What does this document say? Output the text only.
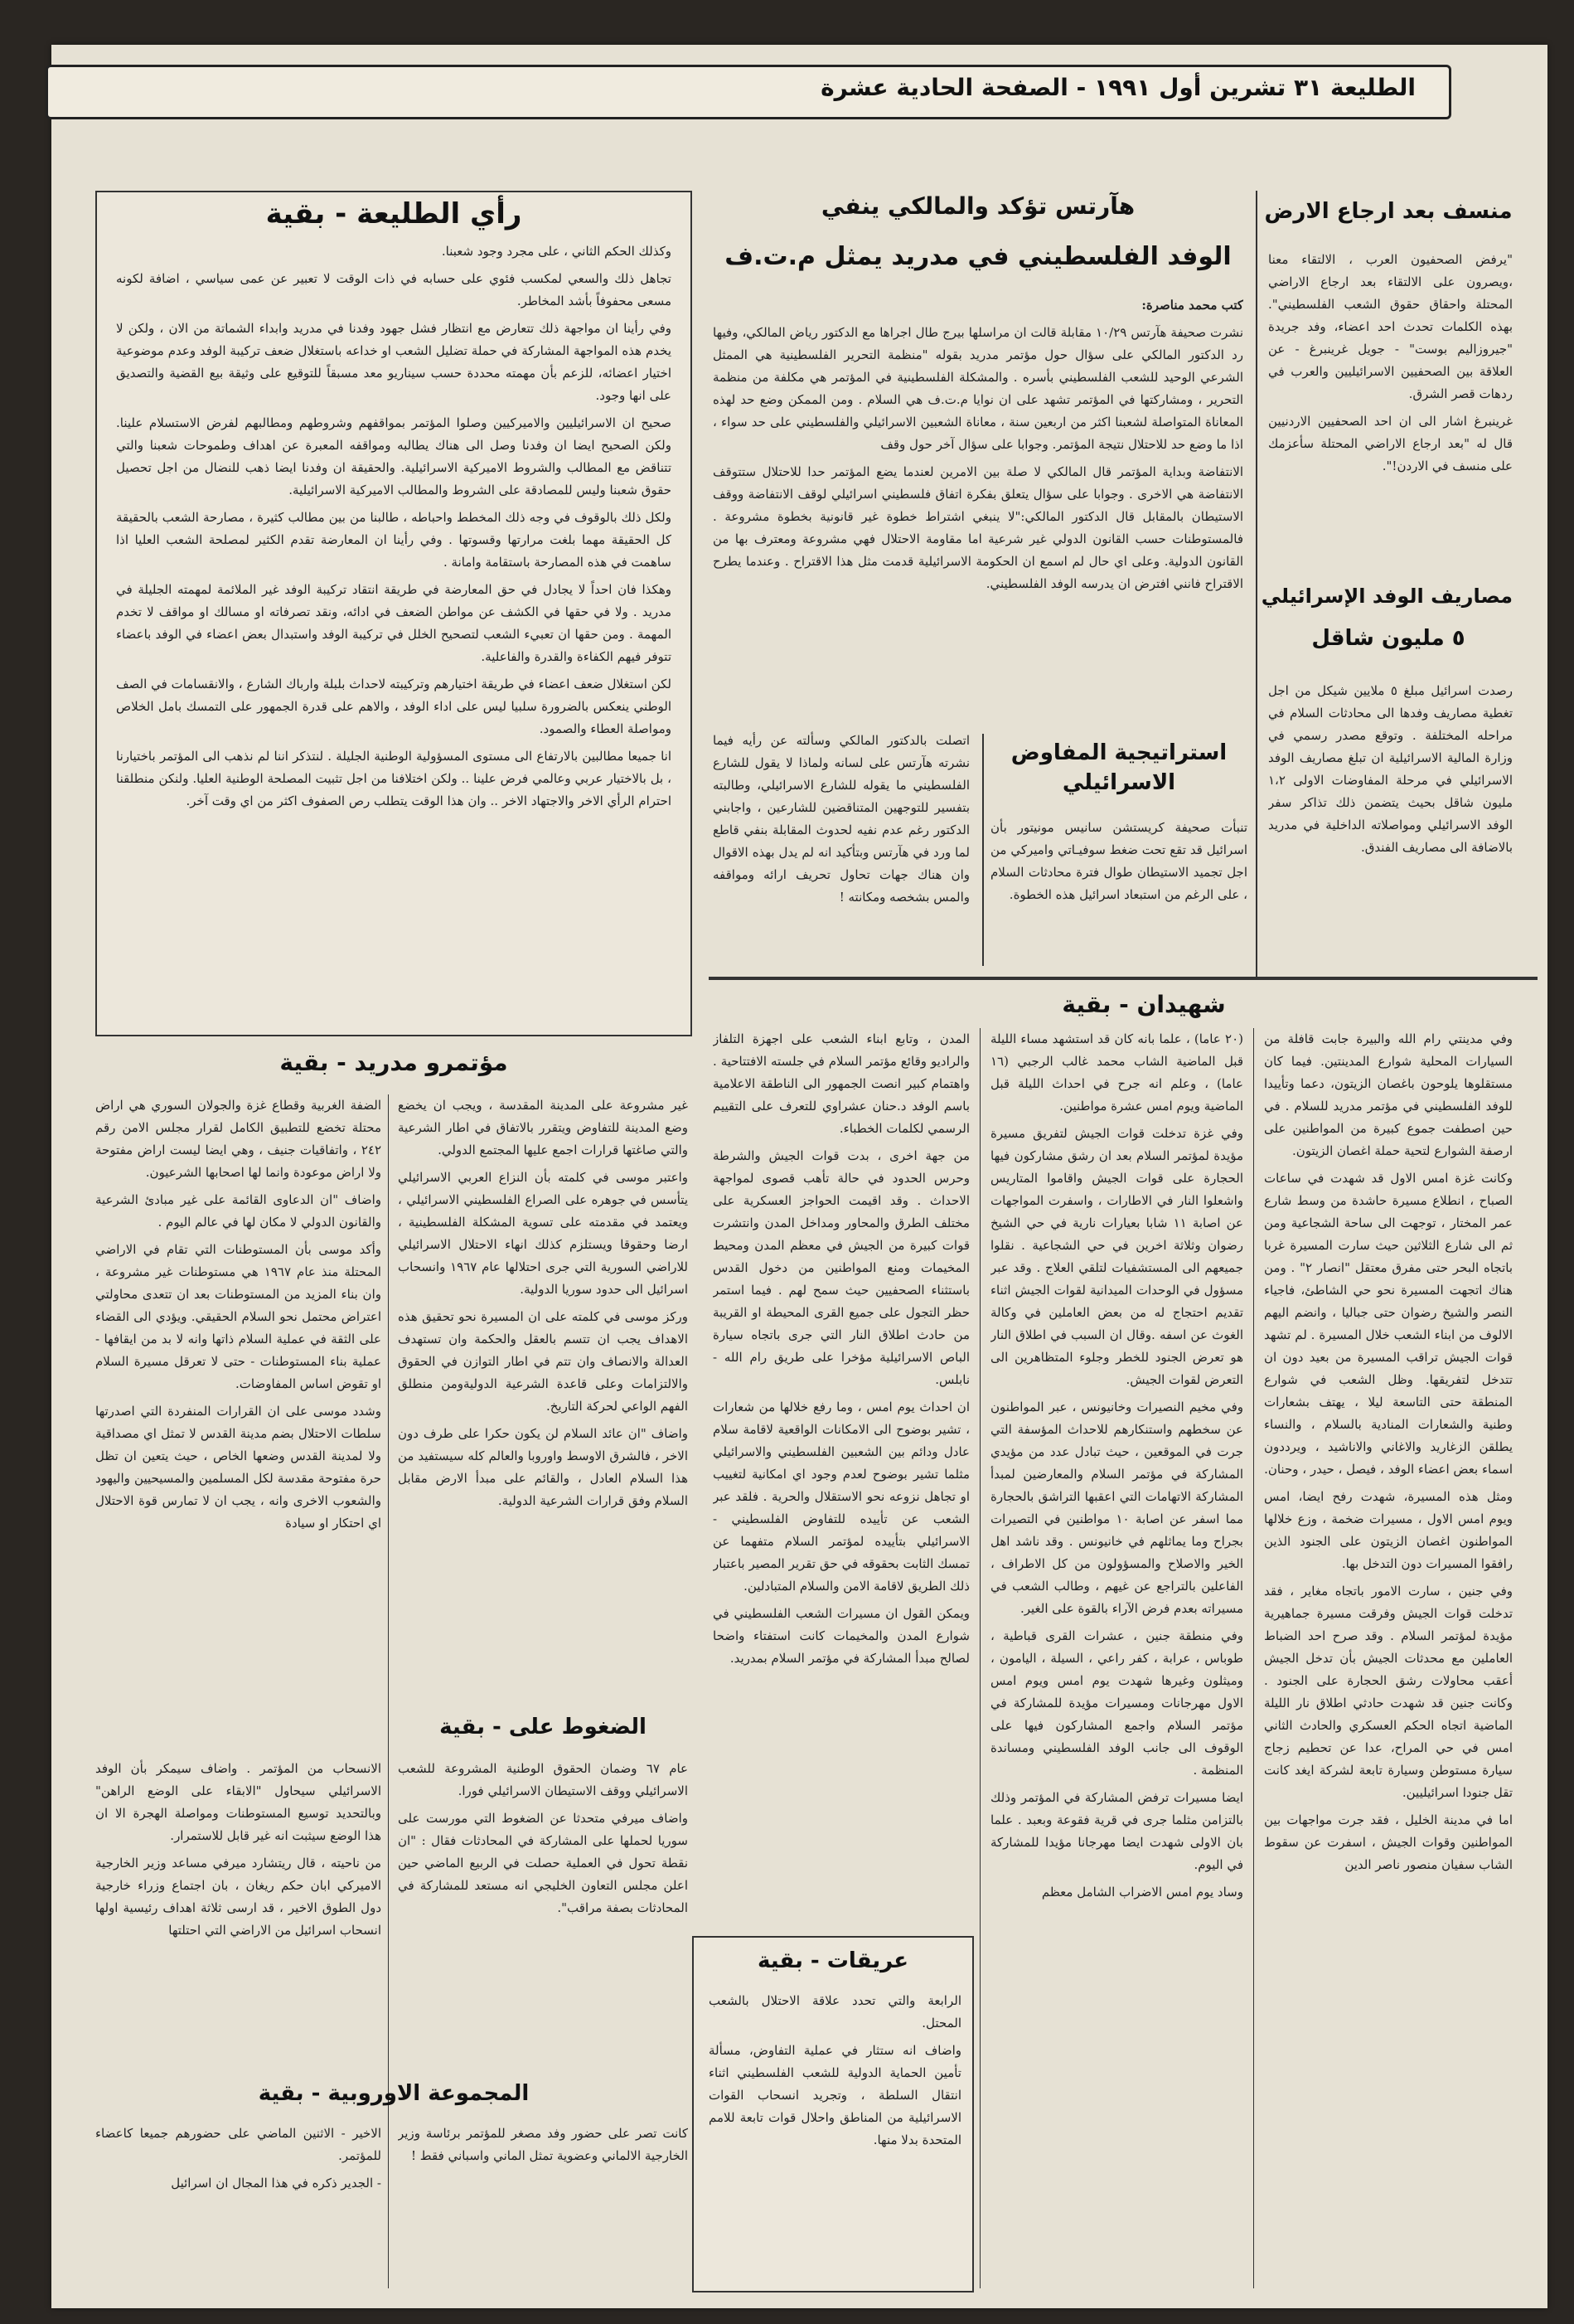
الطليعة ٣١ تشرين أول ١٩٩١ - الصفحة الحادية عشرة
رأي الطليعة - بقية

وكذلك الحكم الثاني ، على مجرد وجود شعبنا.

تجاهل ذلك والسعي لمكسب فئوي على حسابه في ذات الوقت لا تعبير عن عمى سياسي ، اضافة لكونه مسعى محفوفاً بأشد المخاطر.

وفي رأينا ان مواجهة ذلك تتعارض مع انتظار فشل جهود وفدنا في مدريد وابداء الشماتة من الان ، ولكن لا يخدم هذه المواجهة المشاركة في حملة تضليل الشعب او خداعه باستغلال ضعف تركيبة الوفد وعدم موضوعية اختيار اعضائه، للزعم بأن مهمته محددة حسب سيناريو معد مسبقاً للتوقيع على وثيقة بيع القضية والتصديق على انها وجود.

صحيح ان الاسرائيليين والاميركيين وصلوا المؤتمر بمواقفهم وشروطهم ومطالبهم لفرض الاستسلام علينا. ولكن الصحيح ايضا ان وفدنا وصل الى هناك يطالبه ومواقفه المعبرة عن اهداف وطموحات شعبنا والتي تتناقض مع المطالب والشروط الاميركية الاسرائيلية. والحقيقة ان وفدنا ايضا ذهب للنضال من اجل تحصيل حقوق شعبنا وليس للمصادقة على الشروط والمطالب الاميركية الاسرائيلية.

ولكل ذلك بالوقوف في وجه ذلك المخطط واحباطه ، طالبنا من بين مطالب كثيرة ، مصارحة الشعب بالحقيقة كل الحقيقة مهما بلغت مرارتها وقسوتها . وفي رأينا ان المعارضة تقدم الكثير لمصلحة الشعب العليا اذا ساهمت في هذه المصارحة باستقامة وامانة .

وهكذا فان احداً لا يجادل في حق المعارضة في طريقة انتقاد تركيبة الوفد غير الملائمة لمهمته الجليلة في مدريد . ولا في حقها في الكشف عن مواطن الضعف في ادائه، ونقد تصرفاته او مسالك او مواقف لا تخدم المهمة . ومن حقها ان تعبيء الشعب لتصحيح الخلل في تركيبة الوفد واستبدال بعض اعضاء في الوفد باعضاء تتوفر فيهم الكفاءة والقدرة والفاعلية.

لكن استغلال ضعف اعضاء في طريقة اختيارهم وتركيبته لاحداث بلبلة وارباك الشارع ، والانقسامات في الصف الوطني ينعكس بالضرورة سلبيا ليس على اداء الوفد ، والاهم على قدرة الجمهور على التمسك بامل الخلاص ومواصلة العطاء والصمود.

انا جميعا مطالبين بالارتفاع الى مستوى المسؤولية الوطنية الجليلة . لنتذكر اننا لم نذهب الى المؤتمر باختيارنا ، بل بالاختيار عربي وعالمي فرض علينا .. ولكن اختلافنا من اجل تثبيت المصلحة الوطنية العليا. ولنكن منطلقنا احترام الرأي الاخر والاجتهاد الاخر .. وان هذا الوقت يتطلب رص الصفوف اكثر من اي وقت آخر.

هآرتس تؤكد والمالكي ينفي
الوفد الفلسطيني في مدريد يمثل م.ت.ف

كتب محمد مناصرة:

نشرت صحيفة هآرتس ١٠/٢٩ مقابلة قالت ان مراسلها بيرج طال اجراها مع الدكتور رياض المالكي، وفيها رد الدكتور المالكي على سؤال حول مؤتمر مدريد بقوله "منظمة التحرير الفلسطينية هي الممثل الشرعي الوحيد للشعب الفلسطيني بأسره . والمشكلة الفلسطينية في المؤتمر هي مكلفة من منظمة التحرير ، ومشاركتها في المؤتمر تشهد على ان نوايا م.ت.ف هي السلام . ومن الممكن وضع حد لهذه المعاناة المتواصلة لشعبنا اكثر من اربعين سنة ، معاناة الشعبين الاسرائيلي والفلسطيني على حد سواء ، اذا ما وضع حد للاحتلال نتيجة المؤتمر. وجوابا على سؤال آخر حول وقف

الانتفاضة وبداية المؤتمر قال المالكي لا صلة بين الامرين لعندما يضع المؤتمر حدا للاحتلال ستتوقف الانتفاضة هي الاخرى . وجوابا على سؤال يتعلق بفكرة اتفاق فلسطيني اسرائيلي لوقف الانتفاضة ووقف الاستيطان بالمقابل قال الدكتور المالكي:"لا ينبغي اشتراط خطوة غير قانونية بخطوة مشروعة . فالمستوطنات حسب القانون الدولي غير شرعية اما مقاومة الاحتلال فهي مشروعة ومعترف بها من القانون الدولية. وعلى اي حال لم اسمع ان الحكومة الاسرائيلية قدمت مثل هذا الاقتراح . وعندما يطرح الاقتراح فانني افترض ان يدرسه الوفد الفلسطيني.

اتصلت بالدكتور المالكي وسألته عن رأيه فيما نشرته هآرتس على لسانه ولماذا لا يقول للشارع الفلسطيني ما يقوله للشارع الاسرائيلي، وطالبته بتفسير للتوجهين المتناقضين للشارعين ، واجابني الدكتور رغم عدم نفيه لحدوث المقابلة بنفي قاطع لما ورد في هآرتس وبتأكيد انه لم يدل بهذه الاقوال وان هناك جهات تحاول تحريف ارائه ومواقفه والمس بشخصه ومكانته !

استراتيجية المفاوض الاسرائيلي

تنبأت صحيفة كريستشن سانيس مونيتور بأن اسرائيل قد تقع تحت ضغط سوفيـاتي واميركي من اجل تجميد الاستيطان طوال فترة محادثات السلام ، على الرغم من استبعاد اسرائيل هذه الخطوة.

منسف بعد ارجاع الارض

"يرفض الصحفيون العرب ، الالتقاء معنا ،ويصرون على الالتقاء بعد ارجاع الاراضي المحتلة واحقاق حقوق الشعب الفلسطيني". بهذه الكلمات تحدث احد اعضاء، وفد جريدة "جيروزاليم بوست" - جويل غرينبرغ - عن العلاقة بين الصحفيين الاسرائيليين والعرب في ردهات قصر الشرق.

غرينبرغ اشار الى ان احد الصحفيين الاردنيين قال له "بعد ارجاع الاراضي المحتلة سأعزمك على منسف في الاردن!".

مصاريف الوفد الإسرائيلي
٥ مليون شاقل

رصدت اسرائيل مبلغ ٥ ملايين شيكل من اجل تغطية مصاريف وفدها الى محادثات السلام في مراحله المختلفة . وتوقع مصدر رسمي في وزارة المالية الاسرائيلية ان تبلغ مصاريف الوفد الاسرائيلي في مرحلة المفاوضات الاولى ١،٢ مليون شاقل بحيث يتضمن ذلك تذاكر سفر الوفد الاسرائيلي ومواصلاته الداخلية في مدريد بالاضافة الى مصاريف الفندق.

شهيدان - بقية

وفي مدينتي رام الله والبيرة جابت قافلة من السيارات المحلية شوارع المدينتين. فيما كان مستقلوها يلوحون باغصان الزيتون، دعما وتأييدا للوفد الفلسطيني في مؤتمر مدريد للسلام . في حين اصطفت جموع كبيرة من المواطنين على ارصفة الشوارع لتحية حملة اغصان الزيتون.

وكانت غزة امس الاول قد شهدت في ساعات الصباح ، انطلاع مسيرة حاشدة من وسط شارع عمر المختار ، توجهت الى ساحة الشجاعية ومن ثم الى شارع الثلاثين حيث سارت المسيرة غربا باتجاه البحر حتى مفرق معتقل "انصار ٢" . ومن هناك اتجهت المسيرة نحو حي الشاطئ، فاجياء النصر والشيخ رضوان حتى جباليا ، وانضم اليهم الالوف من ابناء الشعب خلال المسيرة . لم تشهد قوات الجيش تراقب المسيرة من بعيد دون ان تتدخل لتفريقها. وظل الشعب في شوارع المنطقة حتى التاسعة ليلا ، يهتف بشعارات وطنية والشعارات المنادية بالسلام ، والنساء يطلقن الزغاريد والاغاني والاناشيد ، ويرددون اسماء بعض اعضاء الوفد ، فيصل ، حيدر ، وحنان.

ومثل هذه المسيرة، شهدت رفح ايضا، امس ويوم امس الاول ، مسيرات ضخمة ، وزع خلالها المواطنون اغصان الزيتون على الجنود الذين رافقوا المسيرات دون التدخل بها.

وفي جنين ، سارت الامور باتجاه مغاير ، فقد تدخلت قوات الجيش وفرقت مسيرة جماهيرية مؤيدة لمؤتمر السلام . وقد صرح احد الضباط العاملين مع محدثات الجيش بأن تدخل الجيش أعقب محاولات رشق الحجارة على الجنود . وكانت جنين قد شهدت حادثي اطلاق نار الليلة الماضية اتجاه الحكم العسكري والحادث الثاني امس في حي المراح، عدا عن تحطيم زجاج سيارة مستوطن وسيارة تابعة لشركة ايغد كانت تقل جنودا اسرائيليين.

اما في مدينة الخليل ، فقد جرت مواجهات بين المواطنين وقوات الجيش ، اسفرت عن سقوط الشاب سفيان منصور ناصر الدين

(٢٠ عاما) ، علما بانه كان قد استشهد مساء الليلة قبل الماضية الشاب محمد غالب الرجبي (١٦ عاما) ، وعلم انه جرح في احداث الليلة قبل الماضية ويوم امس عشرة مواطنين.

وفي غزة تدخلت قوات الجيش لتفريق مسيرة مؤيدة لمؤتمر السلام بعد ان رشق مشاركون فيها الحجارة على قوات الجيش واقاموا المتاريس واشعلوا النار في الاطارات ، واسفرت المواجهات عن اصابة ١١ شابا بعيارات نارية في حي الشيخ رضوان وثلاثة اخرين في حي الشجاعية . نقلوا جميعهم الى المستشفيات لتلقي العلاج . وقد عبر مسؤول في الوحدات الميدانية لقوات الجيش اثناء تقديم احتجاج له من بعض العاملين في وكالة الغوث عن اسفه .وقال ان السبب في اطلاق النار هو تعرض الجنود للخطر وجلوء المتظاهرين الى التعرض لقوات الجيش.

وفي مخيم النصيرات وخانيونس ، عبر المواطنون عن سخطهم واستنكارهم للاحداث المؤسفة التي جرت في الموقعين ، حيث تبادل عدد من مؤيدي المشاركة في مؤتمر السلام والمعارضين لمبدأ المشاركة الاتهامات التي اعقبها التراشق بالحجارة مما اسفر عن اصابة ١٠ مواطنين في التصيرات بجراح وما يماثلهم في خانيونس . وقد ناشد اهل الخير والاصلاح والمسؤولون من كل الاطراف ، الفاعلين بالتراجع عن غيهم ، وطالب الشعب في مسيراته بعدم فرض الآراء بالقوة على الغير.

وفي منطقة جنين ، عشرات القرى قباطية ، طوباس ، عرابة ، كفر راعي ، السيلة ، اليامون ، وميثلون وغيرها شهدت يوم امس ويوم امس الاول مهرجانات ومسيرات مؤيدة للمشاركة في مؤتمر السلام واجمع المشاركون فيها على الوقوف الى جانب الوفد الفلسطيني ومساندة المنظمة .

ايضا مسيرات ترفض المشاركة في المؤتمر وذلك بالتزامن مثلما جرى في قرية فقوعة وبعبد . علما بان الاولى شهدت ايضا مهرجانا مؤيدا للمشاركة في اليوم.

وساد يوم امس الاضراب الشامل معظم

المدن ، وتابع ابناء الشعب على اجهزة التلفاز والراديو وقائع مؤتمر السلام في جلسته الافتتاحية . واهتمام كبير انصت الجمهور الى الناطقة الاعلامية باسم الوفد د.حنان عشراوي للتعرف على التقييم الرسمي لكلمات الخطباء.

من جهة اخرى ، بدت قوات الجيش والشرطة وحرس الحدود في حالة تأهب قصوى لمواجهة الاحداث . وقد اقيمت الحواجز العسكرية على مختلف الطرق والمحاور ومداخل المدن وانتشرت قوات كبيرة من الجيش في معظم المدن ومحيط المخيمات ومنع المواطنين من دخول القدس باستثناء الصحفيين حيث سمح لهم . فيما استمر حظر التجول على جميع القرى المحيطة او القريبة من حادث اطلاق النار التي جرى باتجاه سيارة الباص الاسرائيلية مؤخرا على طريق رام الله - نابلس.

ان احداث يوم امس ، وما رفع خلالها من شعارات ، تشير بوضوح الى الامكانات الواقعية لاقامة سلام عادل ودائم بين الشعبين الفلسطيني والاسرائيلي مثلما تشير بوضوح لعدم وجود اي امكانية لتغييب او تجاهل نزوعه نحو الاستقلال والحرية . فلقد عبر الشعب عن تأييده للتفاوض الفلسطيني - الاسرائيلي بتأييده لمؤتمر السلام متفهما عن تمسك الثابت بحقوقه في حق تقرير المصير باعتبار ذلك الطريق لاقامة الامن والسلام المتبادلين.

ويمكن القول ان مسيرات الشعب الفلسطيني في شوارع المدن والمخيمات كانت استفتاء واضحا لصالح مبدأ المشاركة في مؤتمر السلام بمدريد.

عريقات - بقية

الرابعة والتي تحدد علاقة الاحتلال بالشعب المحتل.

واضاف انه ستثار في عملية التفاوض، مسألة تأمين الحماية الدولية للشعب الفلسطيني اثناء انتقال السلطة ، وتجريد انسحاب القوات الاسرائيلية من المناطق واحلال قوات تابعة للامم المتحدة بدلا منها.

مؤتمرو مدريد - بقية

غير مشروعة على المدينة المقدسة ، ويجب ان يخضع وضع المدينة للتفاوض ويتقرر بالاتفاق في اطار الشرعية والتي صاغتها قرارات اجمع عليها المجتمع الدولي.

واعتبر موسى في كلمته بأن النزاع العربي الاسرائيلي يتأسس في جوهره على الصراع الفلسطيني الاسرائيلي ، ويعتمد في مقدمته على تسوية المشكلة الفلسطينية ، ارضا وحقوقا ويستلزم كذلك انهاء الاحتلال الاسرائيلي للاراضي السورية التي جرى احتلالها عام ١٩٦٧ وانسحاب اسرائيل الى حدود سوريا الدولية.

وركز موسى في كلمته على ان المسيرة نحو تحقيق هذه الاهداف يجب ان تتسم بالعقل والحكمة وان تستهدف العدالة والانصاف وان تتم في اطار التوازن في الحقوق والالتزامات وعلى قاعدة الشرعية الدوليةومن منطلق الفهم الواعي لحركة التاريخ.

واضاف "ان عائد السلام لن يكون حكرا على طرف دون الاخر ، فالشرق الاوسط واوروبا والعالم كله سيستفيد من هذا السلام العادل ، والقائم على مبدأ الارض مقابل السلام وفق قرارات الشرعية الدولية.

الضفة الغربية وقطاع غزة والجولان السوري هي اراض محتلة تخضع للتطبيق الكامل لقرار مجلس الامن رقم ٢٤٢ ، واتفاقيات جنيف ، وهي ايضا ليست اراض مفتوحة ولا اراض موعودة وانما لها اصحابها الشرعيون.

واضاف "ان الدعاوى القائمة على غير مبادئ الشرعية والقانون الدولي لا مكان لها في عالم اليوم .

وأكد موسى بأن المستوطنات التي تقام في الاراضي المحتلة منذ عام ١٩٦٧ هي مستوطنات غير مشروعة ، وان بناء المزيد من المستوطنات بعد ان تتعدى محاولتي اعتراض محتمل نحو السلام الحقيقي. ويؤدي الى القضاء على الثقة في عملية السلام ذاتها وانه لا بد من ايقافها - عملية بناء المستوطنات - حتى لا تعرقل مسيرة السلام او تقوض اساس المفاوضات.

وشدد موسى على ان القرارات المنفردة التي اصدرتها سلطات الاحتلال بضم مدينة القدس لا تمثل اي مصداقية ولا لمدينة القدس وضعها الخاص ، حيث يتعين ان تظل حرة مفتوحة مقدسة لكل المسلمين والمسيحيين واليهود والشعوب الاخرى وانه ، يجب ان لا تمارس قوة الاحتلال اي احتكار او سيادة

الضغوط على - بقية

عام ٦٧ وضمان الحقوق الوطنية المشروعة للشعب الاسرائيلي ووقف الاستيطان الاسرائيلي فورا.

واضاف ميرفي متحدثا عن الضغوط التي مورست على سوريا لحملها على المشاركة في المحادثات فقال : "ان نقطة تحول في العملية حصلت في الربيع الماضي حين اعلن مجلس التعاون الخليجي انه مستعد للمشاركة في المحادثات بصفة مراقب".

الانسحاب من المؤتمر . واضاف سيمكر بأن الوفد الاسرائيلي سيحاول "الابقاء على الوضع الراهن" وبالتحديد توسيع المستوطنات ومواصلة الهجرة الا ان هذا الوضع سيثبت انه غير قابل للاستمرار.

من ناحيته ، قال ريتشارد ميرفي مساعد وزير الخارجية الاميركي ابان حكم ريغان ، بان اجتماع وزراء خارجية دول الطوق الاخير ، قد ارسى ثلاثة اهداف رئيسية اولها انسحاب اسرائيل من الاراضي التي احتلتها

المجموعة الاوروبية - بقية

كانت تصر على حضور وفد مصغر للمؤتمر برئاسة وزير الخارجية الالماني وعضوية تمثل الماني واسباني فقط !

الاخير - الاثنين الماضي على حضورهم جميعا كاعضاء للمؤتمر.

- الجدير ذكره في هذا المجال ان اسرائيل
